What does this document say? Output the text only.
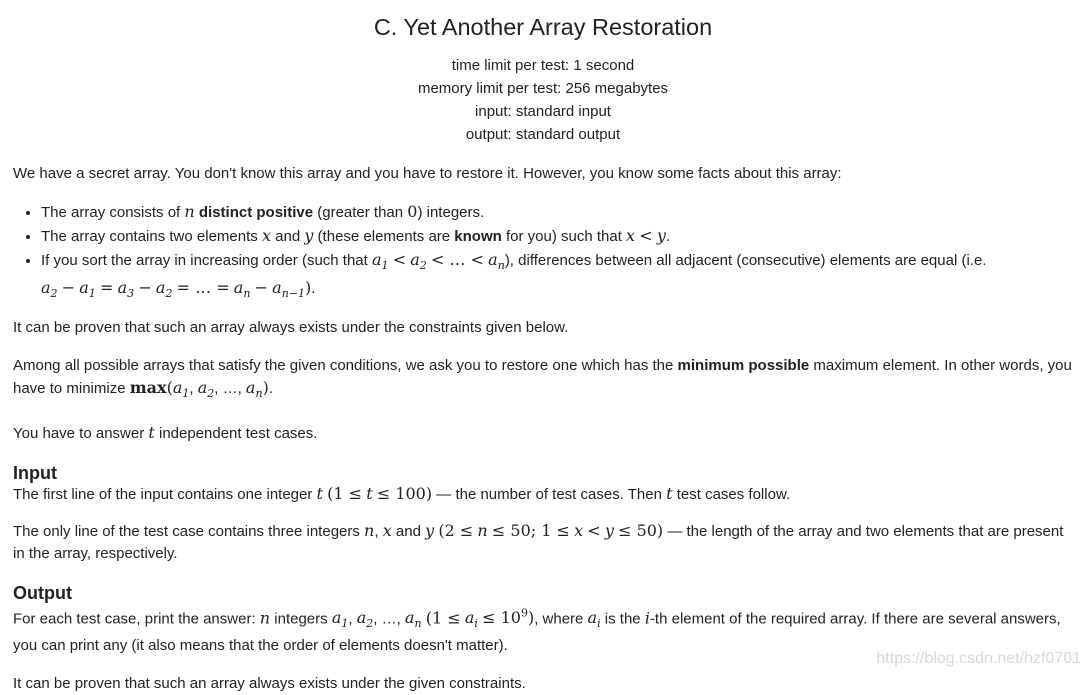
C. Yet Another Array Restoration
time limit per test: 1 second
memory limit per test: 256 megabytes
input: standard input
output: standard output

We have a secret array. You don't know this array and you have to restore it. However, you know some facts about this array:

• The array consists of n distinct positive (greater than 0) integers.
• The array contains two elements x and y (these elements are known for you) such that x < y.
• If you sort the array in increasing order (such that $a_1 < a_2$ < … < $a_n$), differences between all adjacent (consecutive) elements are equal (i.e.
$a_2 - a_1 = a_3 - a_2$ = … = $a_n - a_{n-1}$).

It can be proven that such an array always exists under the constraints given below.

Among all possible arrays that satisfy the given conditions, we ask you to restore one which has the minimum possible maximum element. In other words, you have to minimize $\max(a_1$, $a_2$, …, $a_n$).

You have to answer t independent test cases.

Input

The first line of the input contains one integer t (1 ≤ t ≤ 100) — the number of test cases. Then t test cases follow.

The only line of the test case contains three integers n, x and y (2 ≤ n ≤ 50; 1 ≤ x < y ≤ 50) — the length of the array and two elements that are present in the array, respectively.

Output

For each test case, print the answer: n integers $a_1$, $a_2$, …, $a_n$ $(1 \le a_i \le 10^9)$, where $a_i$ is the i-th element of the required array. If there are several answers, you can print any (it also means that the order of elements doesn't matter).

It can be proven that such an array always exists under the given constraints.

https://blog.csdn.net/hzf0701
